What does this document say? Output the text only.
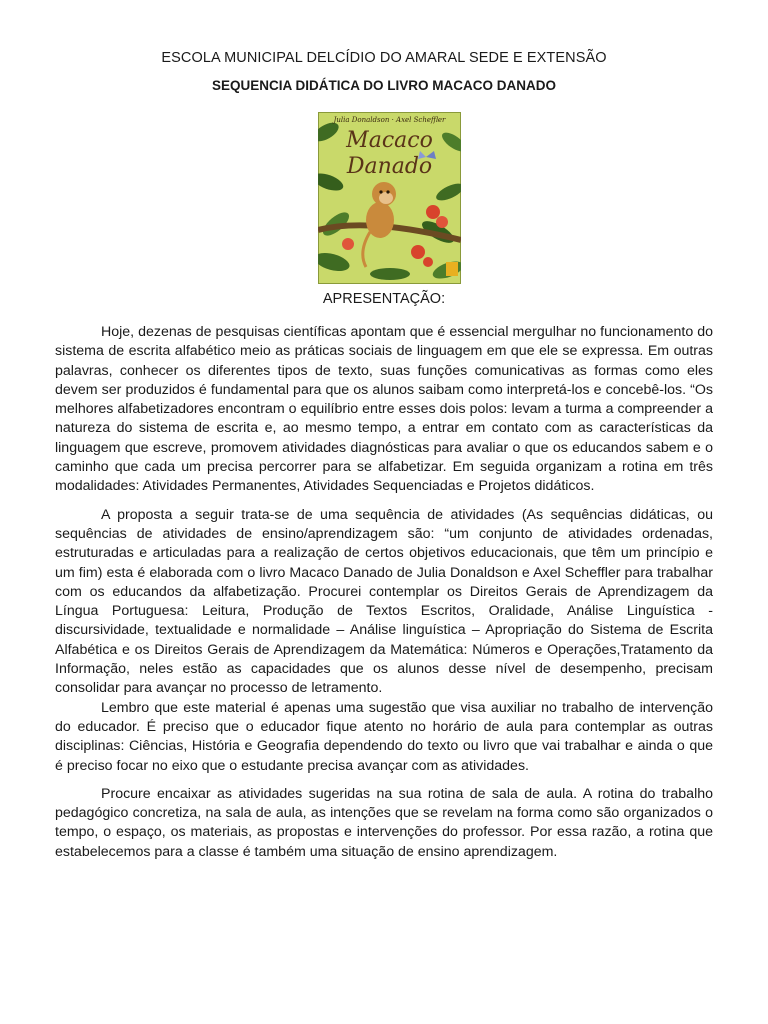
ESCOLA MUNICIPAL DELCÍDIO DO AMARAL SEDE E EXTENSÃO
SEQUENCIA DIDÁTICA DO LIVRO MACACO DANADO
Julia Donaldson · Axel Scheffler
Macaco
Danado
APRESENTAÇÃO:

Hoje, dezenas de pesquisas científicas apontam que é essencial mergulhar no funcionamento do sistema de escrita alfabético meio as práticas sociais de linguagem em que ele se expressa. Em outras palavras, conhecer os diferentes tipos de texto, suas funções comunicativas as formas como eles devem ser produzidos é fundamental para que os alunos saibam como interpretá-los e concebê-los. “Os melhores alfabetizadores encontram o equilíbrio entre esses dois polos: levam a turma a compreender a natureza do sistema de escrita e, ao mesmo tempo, a entrar em contato com as características da linguagem que escreve, promovem atividades diagnósticas para avaliar o que os educandos sabem e o caminho que cada um precisa percorrer para se alfabetizar. Em seguida organizam a rotina em três modalidades: Atividades Permanentes, Atividades Sequenciadas e Projetos didáticos.

A proposta a seguir trata-se de uma sequência de atividades (As sequências didáticas, ou sequências de atividades de ensino/aprendizagem são: “um conjunto de atividades ordenadas, estruturadas e articuladas para a realização de certos objetivos educacionais, que têm um princípio e um fim) esta é elaborada com o livro Macaco Danado de Julia Donaldson e Axel Scheffler para trabalhar com os educandos da alfabetização. Procurei contemplar os Direitos Gerais de Aprendizagem da Língua Portuguesa: Leitura, Produção de Textos Escritos, Oralidade, Análise Linguística - discursividade, textualidade e normalidade – Análise linguística – Apropriação do Sistema de Escrita Alfabética e os Direitos Gerais de Aprendizagem da Matemática: Números e Operações,Tratamento da Informação, neles estão as capacidades que os alunos desse nível de desempenho, precisam consolidar para avançar no processo de letramento.

Lembro que este material é apenas uma sugestão que visa auxiliar no trabalho de intervenção do educador. É preciso que o educador fique atento no horário de aula para contemplar as outras disciplinas: Ciências, História e Geografia dependendo do texto ou livro que vai trabalhar e ainda o que é preciso focar no eixo que o estudante precisa avançar com as atividades.

Procure encaixar as atividades sugeridas na sua rotina de sala de aula. A rotina do trabalho pedagógico concretiza, na sala de aula, as intenções que se revelam na forma como são organizados o tempo, o espaço, os materiais, as propostas e intervenções do professor. Por essa razão, a rotina que estabelecemos para a classe é também uma situação de ensino aprendizagem.
